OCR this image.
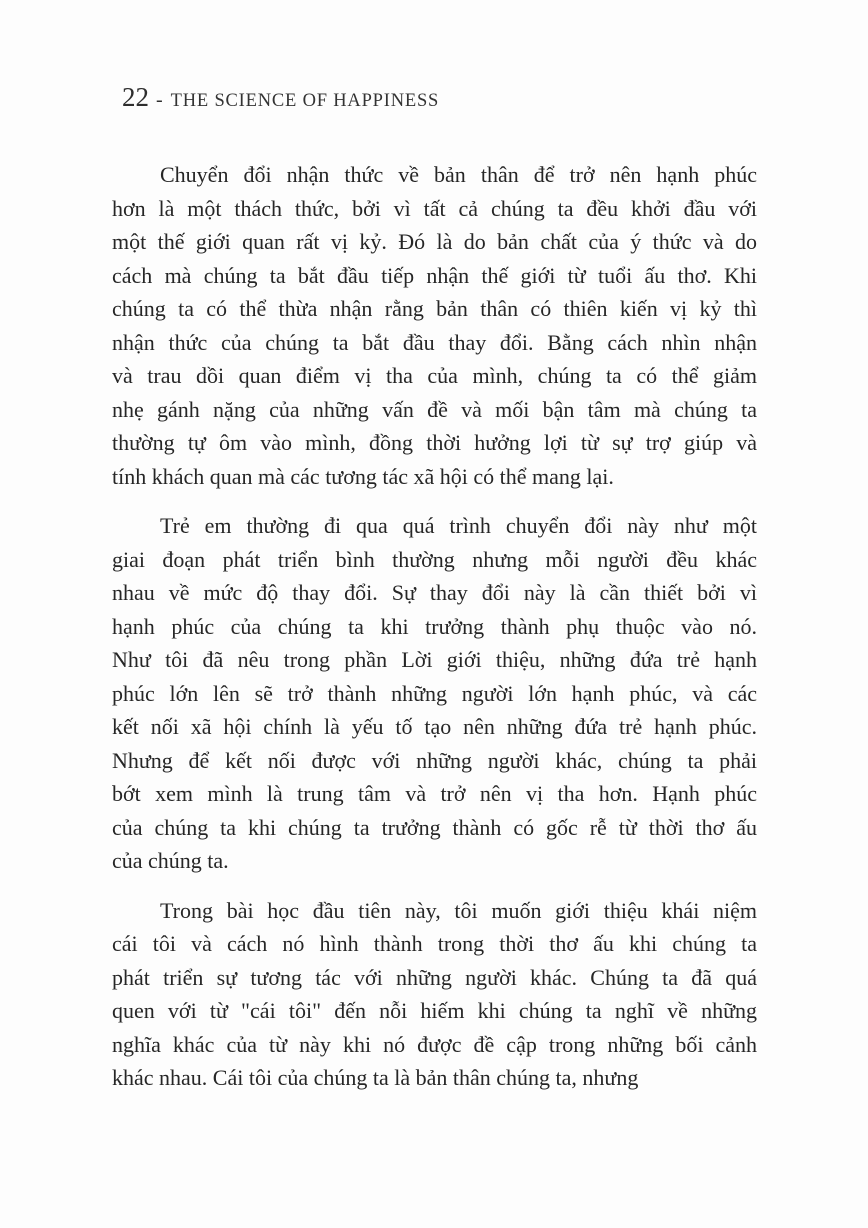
22 - THE SCIENCE OF HAPPINESS
Chuyển đổi nhận thức về bản thân để trở nên hạnh phúc
hơn là một thách thức, bởi vì tất cả chúng ta đều khởi đầu với
một thế giới quan rất vị kỷ. Đó là do bản chất của ý thức và do
cách mà chúng ta bắt đầu tiếp nhận thế giới từ tuổi ấu thơ. Khi
chúng ta có thể thừa nhận rằng bản thân có thiên kiến vị kỷ thì
nhận thức của chúng ta bắt đầu thay đổi. Bằng cách nhìn nhận
và trau dồi quan điểm vị tha của mình, chúng ta có thể giảm
nhẹ gánh nặng của những vấn đề và mối bận tâm mà chúng ta
thường tự ôm vào mình, đồng thời hưởng lợi từ sự trợ giúp và
tính khách quan mà các tương tác xã hội có thể mang lại.
Trẻ em thường đi qua quá trình chuyển đổi này như một
giai đoạn phát triển bình thường nhưng mỗi người đều khác
nhau về mức độ thay đổi. Sự thay đổi này là cần thiết bởi vì
hạnh phúc của chúng ta khi trưởng thành phụ thuộc vào nó.
Như tôi đã nêu trong phần Lời giới thiệu, những đứa trẻ hạnh
phúc lớn lên sẽ trở thành những người lớn hạnh phúc, và các
kết nối xã hội chính là yếu tố tạo nên những đứa trẻ hạnh phúc.
Nhưng để kết nối được với những người khác, chúng ta phải
bớt xem mình là trung tâm và trở nên vị tha hơn. Hạnh phúc
của chúng ta khi chúng ta trưởng thành có gốc rễ từ thời thơ ấu
của chúng ta.
Trong bài học đầu tiên này, tôi muốn giới thiệu khái niệm
cái tôi và cách nó hình thành trong thời thơ ấu khi chúng ta
phát triển sự tương tác với những người khác. Chúng ta đã quá
quen với từ "cái tôi" đến nỗi hiếm khi chúng ta nghĩ về những
nghĩa khác của từ này khi nó được đề cập trong những bối cảnh
khác nhau. Cái tôi của chúng ta là bản thân chúng ta, nhưng
